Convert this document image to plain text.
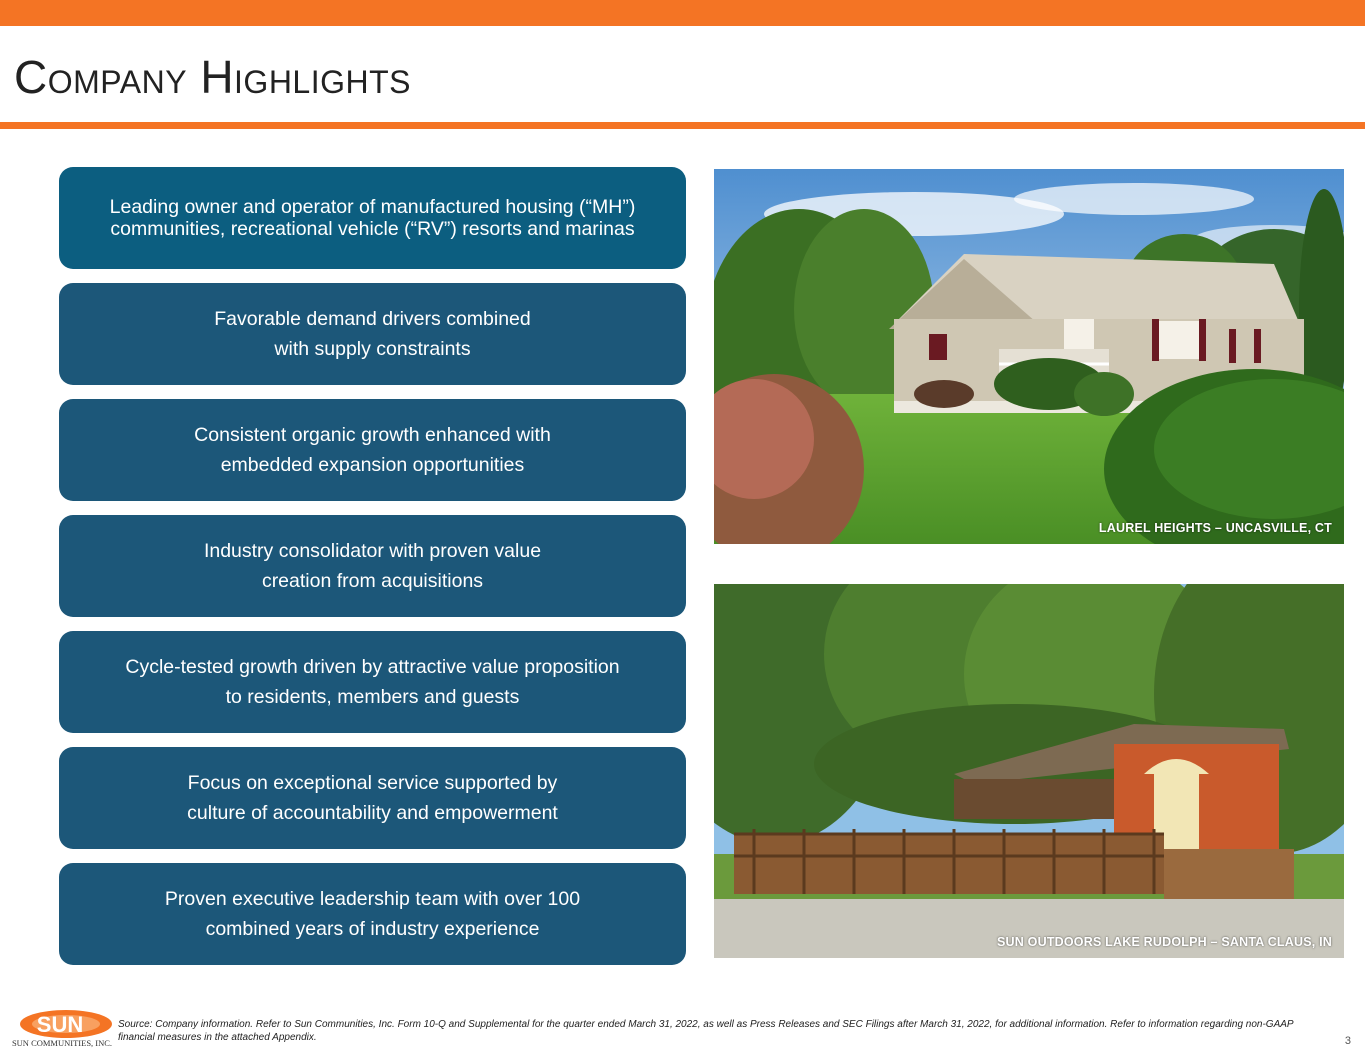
Company Highlights
Leading owner and operator of manufactured housing (“MH”)
communities, recreational vehicle (“RV”) resorts and marinas
Favorable demand drivers combined
with supply constraints
Consistent organic growth enhanced with
embedded expansion opportunities
Industry consolidator with proven value
creation from acquisitions
Cycle-tested growth driven by attractive value proposition
to residents, members and guests
Focus on exceptional service supported by
culture of accountability and empowerment
Proven executive leadership team with over 100
combined years of industry experience
LAUREL HEIGHTS – UNCASVILLE, CT
SUN OUTDOORS LAKE RUDOLPH – SANTA CLAUS, IN
SUN
SUN COMMUNITIES, INC.
Source: Company information. Refer to Sun Communities, Inc. Form 10-Q and Supplemental for the quarter ended March 31, 2022, as well as Press Releases and SEC Filings after March 31, 2022, for additional information. Refer to information regarding non-GAAP financial measures in the attached Appendix.	3
